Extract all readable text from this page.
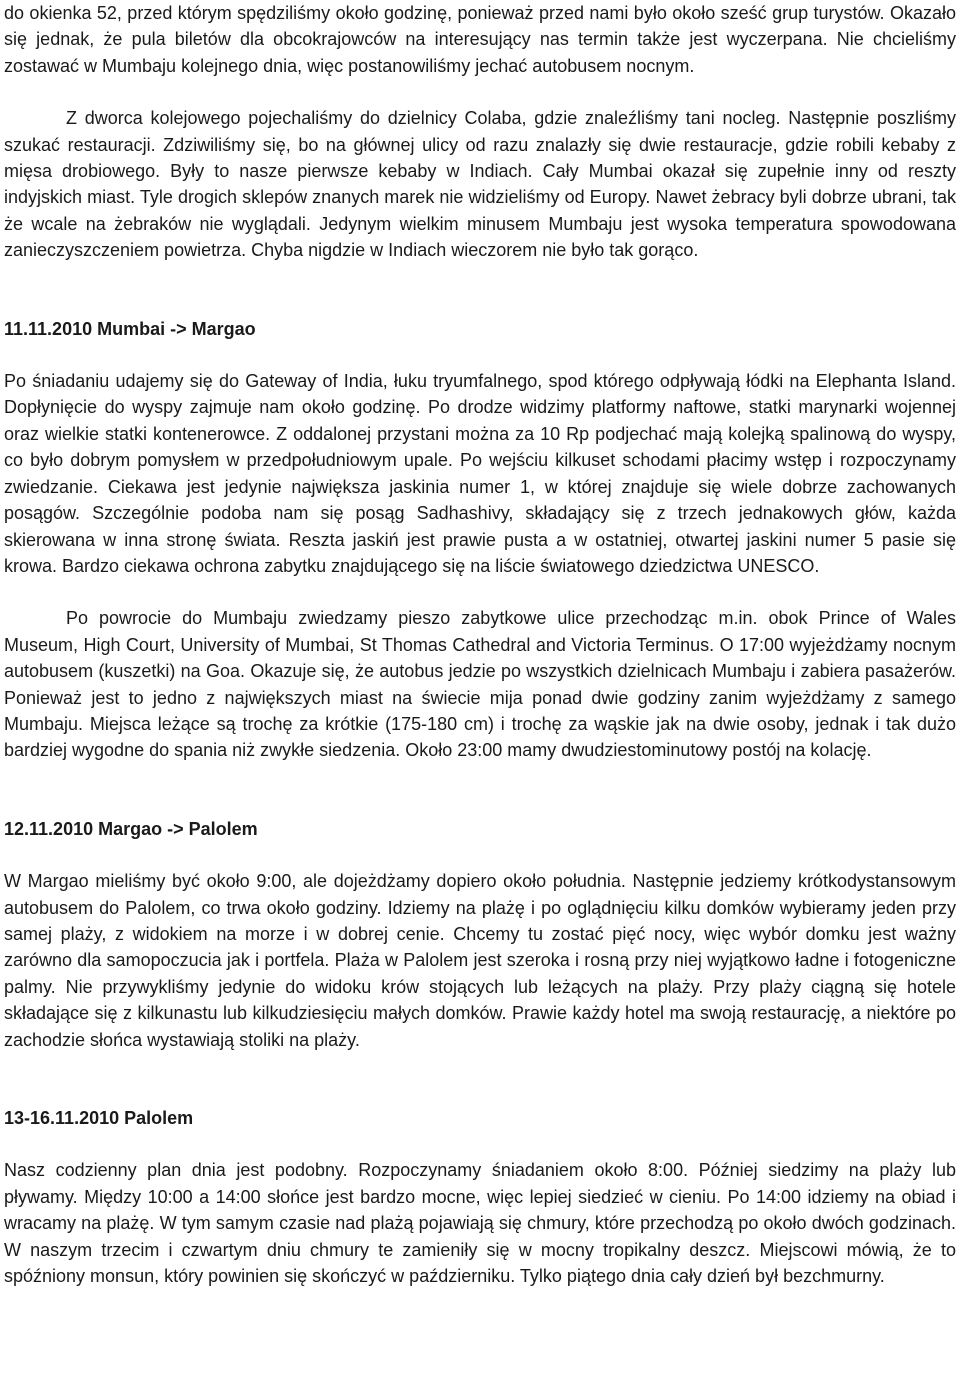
do okienka 52, przed którym spędziliśmy około godzinę, ponieważ przed nami było około sześć grup turystów. Okazało się jednak, że pula biletów dla obcokrajowców na interesujący nas termin także jest wyczerpana. Nie chcieliśmy zostawać w Mumbaju kolejnego dnia, więc postanowiliśmy jechać autobusem nocnym.

Z dworca kolejowego pojechaliśmy do dzielnicy Colaba, gdzie znaleźliśmy tani nocleg. Następnie poszliśmy szukać restauracji. Zdziwiliśmy się, bo na głównej ulicy od razu znalazły się dwie restauracje, gdzie robili kebaby z mięsa drobiowego. Były to nasze pierwsze kebaby w Indiach. Cały Mumbai okazał się zupełnie inny od reszty indyjskich miast. Tyle drogich sklepów znanych marek nie widzieliśmy od Europy. Nawet żebracy byli dobrze ubrani, tak że wcale na żebraków nie wyglądali. Jedynym wielkim minusem Mumbaju jest wysoka temperatura spowodowana zanieczyszczeniem powietrza. Chyba nigdzie w Indiach wieczorem nie było tak gorąco.

11.11.2010 Mumbai -> Margao

Po śniadaniu udajemy się do Gateway of India, łuku tryumfalnego, spod którego odpływają łódki na Elephanta Island. Dopłynięcie do wyspy zajmuje nam około godzinę. Po drodze widzimy platformy naftowe, statki marynarki wojennej oraz wielkie statki kontenerowce. Z oddalonej przystani można za 10 Rp podjechać mają kolejką spalinową do wyspy, co było dobrym pomysłem w przedpołudniowym upale. Po wejściu kilkuset schodami płacimy wstęp i rozpoczynamy zwiedzanie. Ciekawa jest jedynie największa jaskinia numer 1, w której znajduje się wiele dobrze zachowanych posągów. Szczególnie podoba nam się posąg Sadhashivy, składający się z trzech jednakowych głów, każda skierowana w inna stronę świata. Reszta jaskiń jest prawie pusta a w ostatniej, otwartej jaskini numer 5 pasie się krowa. Bardzo ciekawa ochrona zabytku znajdującego się na liście światowego dziedzictwa UNESCO.

Po powrocie do Mumbaju zwiedzamy pieszo zabytkowe ulice przechodząc m.in. obok Prince of Wales Museum, High Court, University of Mumbai, St Thomas Cathedral and Victoria Terminus. O 17:00 wyjeżdżamy nocnym autobusem (kuszetki) na Goa. Okazuje się, że autobus jedzie po wszystkich dzielnicach Mumbaju i zabiera pasażerów. Ponieważ jest to jedno z największych miast na świecie mija ponad dwie godziny zanim wyjeżdżamy z samego Mumbaju. Miejsca leżące są trochę za krótkie (175-180 cm) i trochę za wąskie jak na dwie osoby, jednak i tak dużo bardziej wygodne do spania niż zwykłe siedzenia. Około 23:00 mamy dwudziestominutowy postój na kolację.

12.11.2010 Margao -> Palolem

W Margao mieliśmy być około 9:00, ale dojeżdżamy dopiero około południa. Następnie jedziemy krótkodystansowym autobusem do Palolem, co trwa około godziny. Idziemy na plażę i po oglądnięciu kilku domków wybieramy jeden przy samej plaży, z widokiem na morze i w dobrej cenie. Chcemy tu zostać pięć nocy, więc wybór domku jest ważny zarówno dla samopoczucia jak i portfela. Plaża w Palolem jest szeroka i rosną przy niej wyjątkowo ładne i fotogeniczne palmy. Nie przywykliśmy jedynie do widoku krów stojących lub leżących na plaży. Przy plaży ciągną się hotele składające się z kilkunastu lub kilkudziesięciu małych domków. Prawie każdy hotel ma swoją restaurację, a niektóre po zachodzie słońca wystawiają stoliki na plaży.

13-16.11.2010 Palolem

Nasz codzienny plan dnia jest podobny. Rozpoczynamy śniadaniem około 8:00. Później siedzimy na plaży lub pływamy. Między 10:00 a 14:00 słońce jest bardzo mocne, więc lepiej siedzieć w cieniu. Po 14:00 idziemy na obiad i wracamy na plażę. W tym samym czasie nad plażą pojawiają się chmury, które przechodzą po około dwóch godzinach. W naszym trzecim i czwartym dniu chmury te zamieniły się w mocny tropikalny deszcz. Miejscowi mówią, że to spóźniony monsun, który powinien się skończyć w październiku. Tylko piątego dnia cały dzień był bezchmurny.
